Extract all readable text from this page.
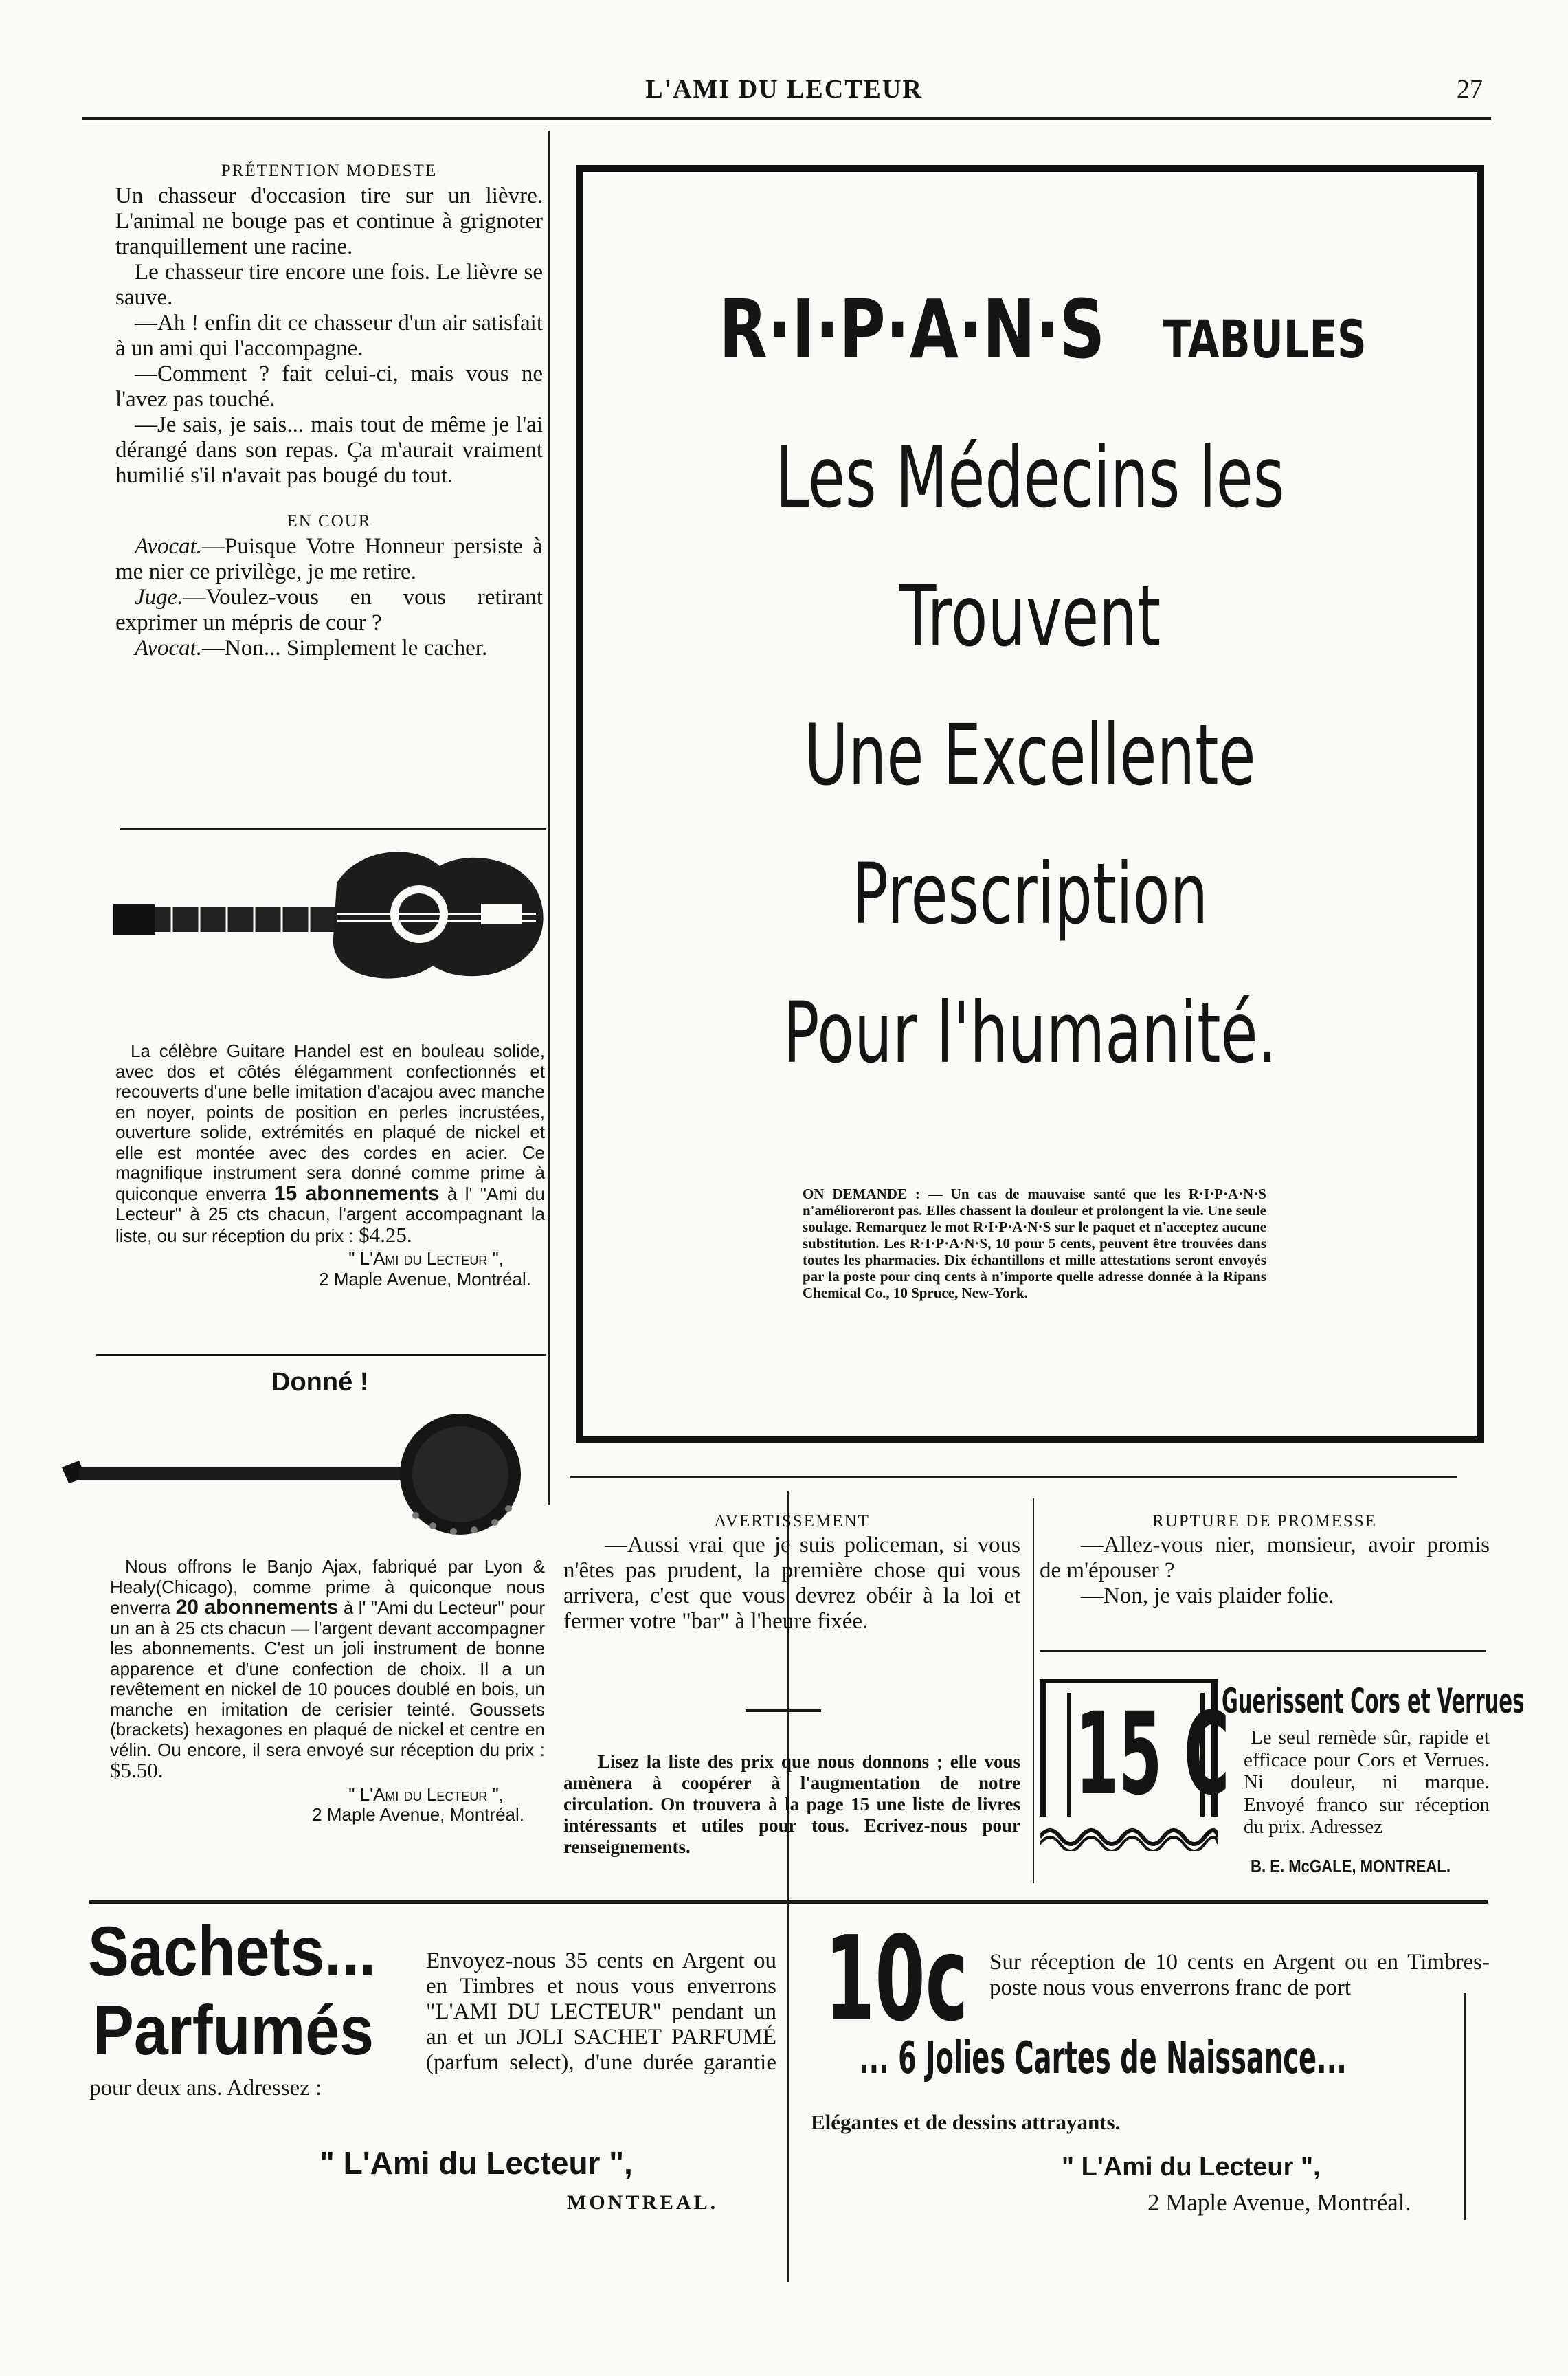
L'AMI DU LECTEUR	27
PRÉTENTION MODESTE

Un chasseur d'occasion tire sur un lièvre. L'animal ne bouge pas et continue à grignoter tranquillement une racine.

Le chasseur tire encore une fois. Le lièvre se sauve.

—Ah ! enfin dit ce chasseur d'un air satisfait à un ami qui l'accompagne.

—Comment ? fait celui-ci, mais vous ne l'avez pas touché.

—Je sais, je sais... mais tout de même je l'ai dérangé dans son repas. Ça m'aurait vraiment humilié s'il n'avait pas bougé du tout.

EN COUR

Avocat.—Puisque Votre Honneur persiste à me nier ce privilège, je me retire.

Juge.—Voulez-vous en vous retirant exprimer un mépris de cour ?

Avocat.—Non... Simplement le cacher.

La célèbre Guitare Handel est en bouleau solide, avec dos et côtés élégamment confectionnés et recouverts d'une belle imitation d'acajou avec manche en noyer, points de position en perles incrustées, ouverture solide, extrémités en plaqué de nickel et elle est montée avec des cordes en acier. Ce magnifique instrument sera donné comme prime à quiconque enverra 15 abonnements à l' "Ami du Lecteur" à 25 cts chacun, l'argent accompagnant la liste, ou sur réception du prix : $4.25.
" L'Ami du Lecteur ",
2 Maple Avenue, Montréal.
Donné !
Nous offrons le Banjo Ajax, fabriqué par Lyon & Healy(Chicago), comme prime à quiconque nous enverra 20 abonnements à l' "Ami du Lecteur" pour un an à 25 cts chacun — l'argent devant accompagner les abonnements. C'est un joli instrument de bonne apparence et d'une confection de choix. Il a un revêtement en nickel de 10 pouces doublé en bois, un manche en imitation de cerisier teinté. Goussets (brackets) hexagones en plaqué de nickel et centre en vélin. Ou encore, il sera envoyé sur réception du prix : $5.50.
" L'Ami du Lecteur ",
2 Maple Avenue, Montréal.
R·I·P·A·N·S TABULES
Les Médecins les
Trouvent
Une Excellente
Prescription
Pour l'humanité.
ON DEMANDE : — Un cas de mauvaise santé que les R·I·P·A·N·S n'amélioreront pas. Elles chassent la douleur et prolongent la vie. Une seule soulage. Remarquez le mot R·I·P·A·N·S sur le paquet et n'acceptez aucune substitution. Les R·I·P·A·N·S, 10 pour 5 cents, peuvent être trouvées dans toutes les pharmacies. Dix échantillons et mille attestations seront envoyés par la poste pour cinq cents à n'importe quelle adresse donnée à la Ripans Chemical Co., 10 Spruce, New-York.
AVERTISSEMENT

—Aussi vrai que je suis policeman, si vous n'êtes pas prudent, la première chose qui vous arrivera, c'est que vous devrez obéir à la loi et fermer votre "bar" à l'heure fixée.

Lisez la liste des prix que nous donnons ; elle vous amènera à coopérer à l'augmentation de notre circulation. On trouvera à la page 15 une liste de livres intéressants et utiles pour tous. Ecrivez-nous pour renseignements.
RUPTURE DE PROMESSE

—Allez-vous nier, monsieur, avoir promis de m'épouser ?

—Non, je vais plaider folie.

15 C
Guerissent Cors et Verrues
Le seul remède sûr, rapide et efficace pour Cors et Verrues. Ni douleur, ni marque. Envoyé franco sur réception du prix. Adressez
B. E. McGALE, MONTREAL.
Sachets...
Parfumés
Envoyez-nous 35 cents en Argent ou en Timbres et nous vous enverrons "L'AMI DU LECTEUR" pendant un an et un JOLI SACHET PARFUMÉ (parfum select), d'une durée garantie pour deux ans. Adressez :
" L'Ami du Lecteur ",
MONTREAL.
10c Sur réception de 10 cents en Argent ou en Timbres-poste nous vous enverrons franc de port
... 6 Jolies Cartes de Naissance...
Elégantes et de dessins attrayants.
" L'Ami du Lecteur ",
2 Maple Avenue, Montréal.
